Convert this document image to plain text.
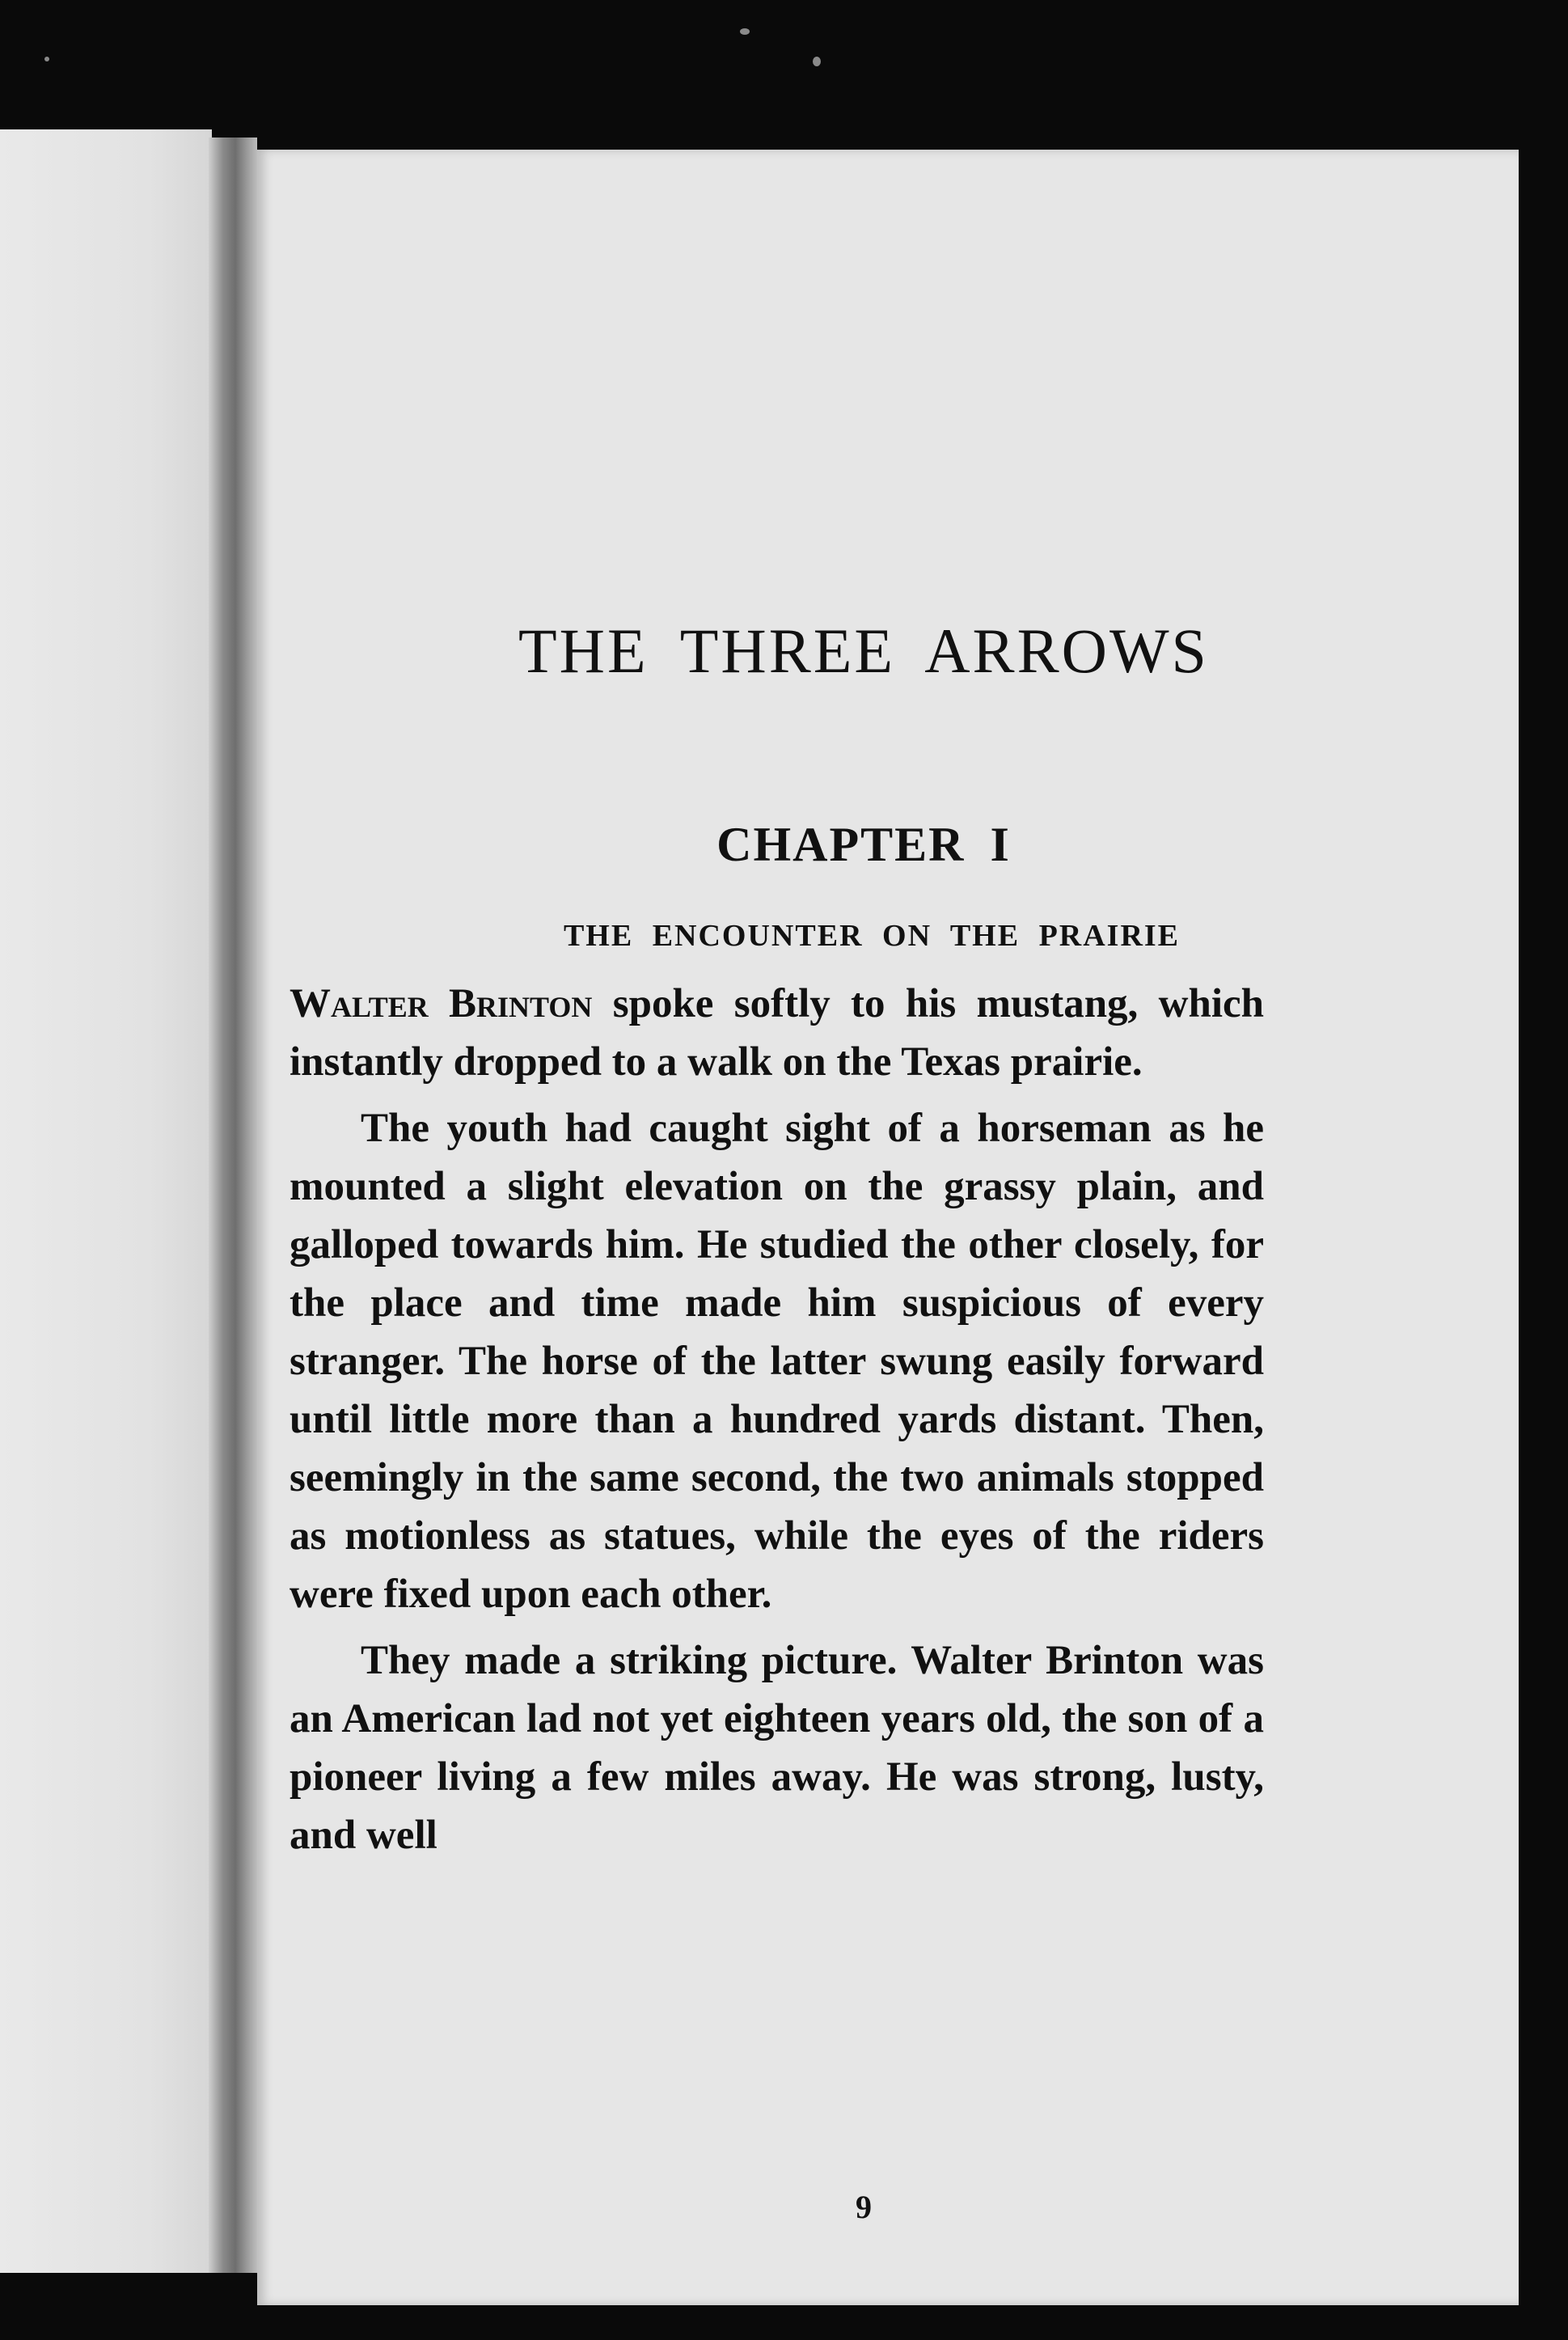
THE THREE ARROWS
CHAPTER I
THE ENCOUNTER ON THE PRAIRIE

Walter Brinton spoke softly to his mustang, which instantly dropped to a walk on the Texas prairie.

The youth had caught sight of a horseman as he mounted a slight elevation on the grassy plain, and galloped towards him. He studied the other closely, for the place and time made him suspicious of every stranger. The horse of the latter swung easily forward until little more than a hundred yards distant. Then, seemingly in the same second, the two animals stopped as motionless as statues, while the eyes of the riders were fixed upon each other.

They made a striking picture. Walter Brinton was an American lad not yet eighteen years old, the son of a pioneer living a few miles away. He was strong, lusty, and well

9
